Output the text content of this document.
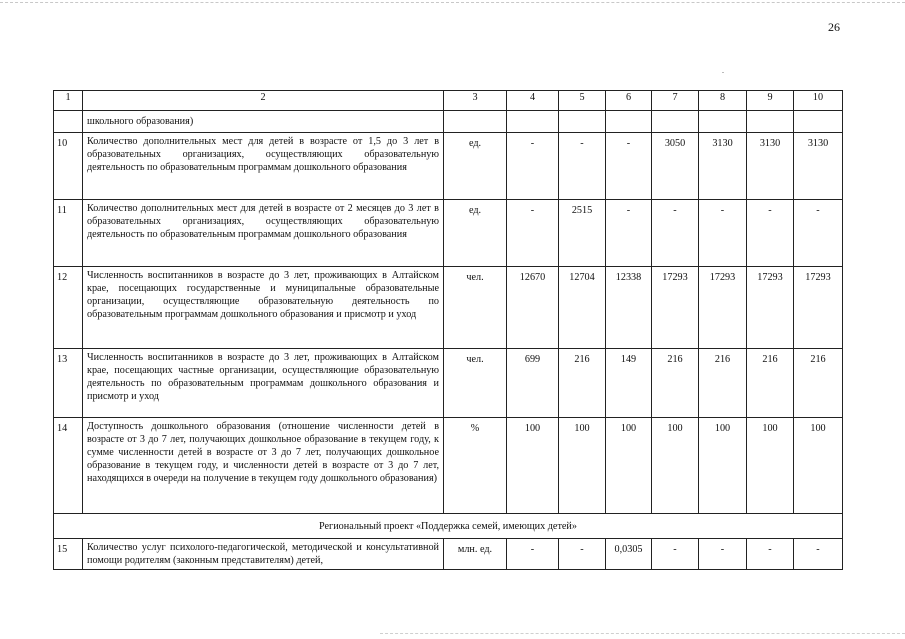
26
1	2	3	4	5	6	7	8	9	10
	школьного образования)								
10	Количество дополнительных мест для детей в возрасте от 1,5 до 3 лет в образовательных организациях, осуществляющих образовательную деятельность по образовательным программам дошкольного образования	ед.	-	-	-	3050	3130	3130	3130
11	Количество дополнительных мест для детей в возрасте от 2 месяцев до 3 лет в образовательных организациях, осуществляющих образовательную деятельность по образовательным программам дошкольного образования	ед.	-	2515	-	-	-	-	-
12	Численность воспитанников в возрасте до 3 лет, проживающих в Алтайском крае, посещающих государственные и муниципальные образовательные организации, осуществляющие образовательную деятельность по образовательным программам дошкольного образования и присмотр и уход	чел.	12670	12704	12338	17293	17293	17293	17293
13	Численность воспитанников в возрасте до 3 лет, проживающих в Алтайском крае, посещающих частные организации, осуществляющие образовательную деятельность по образовательным программам дошкольного образования и присмотр и уход	чел.	699	216	149	216	216	216	216
14	Доступность дошкольного образования (отношение численности детей в возрасте от 3 до 7 лет, получающих дошкольное образование в текущем году, к сумме численности детей в возрасте от 3 до 7 лет, получающих дошкольное образование в текущем году, и численности детей в возрасте от 3 до 7 лет, находящихся в очереди на получение в текущем году дошкольного образования)	%	100	100	100	100	100	100	100
Региональный проект «Поддержка семей, имеющих детей»									
15	Количество услуг психолого-педагогической, методической и консультативной помощи родителям (законным представителям) детей,	млн. ед.	-	-	0,0305	-	-	-	-
